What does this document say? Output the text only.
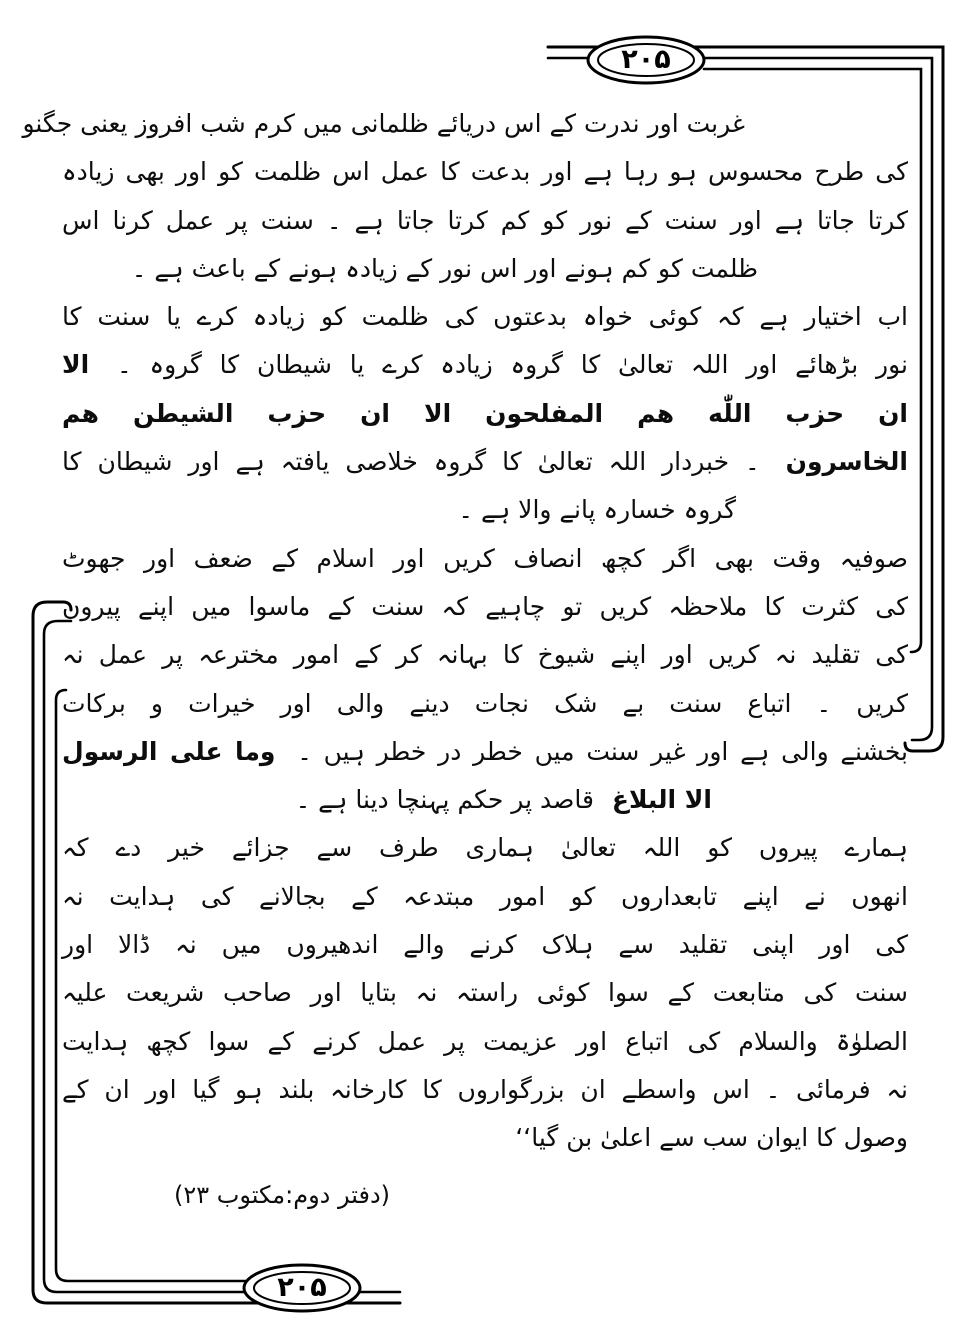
۲۰۵
۲۰۵
غربت اور ندرت کے اس دریائے ظلمانی میں کرم شب افروز یعنی جگنو
کی طرح محسوس ہو رہا ہے اور بدعت کا عمل اس ظلمت کو اور بھی زیادہ
کرتا جاتا ہے اور سنت کے نور کو کم کرتا جاتا ہے ۔ سنت پر عمل کرنا اس
ظلمت کو کم ہونے اور اس نور کے زیادہ ہونے کے باعث ہے ۔
اب اختیار ہے کہ کوئی خواہ بدعتوں کی ظلمت کو زیادہ کرے یا سنت کا
نور بڑھائے اور اللہ تعالیٰ کا گروہ زیادہ کرے یا شیطان کا گروہ ۔ الا
ان حزب اللّٰه هم المفلحون الا ان حزب الشيطن هم
الخاسرون ۔ خبردار اللہ تعالیٰ کا گروہ خلاصی یافتہ ہے اور شیطان کا
گروہ خسارہ پانے والا ہے ۔
صوفیہ وقت بھی اگر کچھ انصاف کریں اور اسلام کے ضعف اور جھوٹ
کی کثرت کا ملاحظہ کریں تو چاہیے کہ سنت کے ماسوا میں اپنے پیروں
کی تقلید نہ کریں اور اپنے شیوخ کا بہانہ کر کے امور مخترعہ پر عمل نہ
کریں ۔ اتباع سنت بے شک نجات دینے والی اور خیرات و برکات
بخشنے والی ہے اور غیر سنت میں خطر در خطر ہیں ۔ وما علی الرسول
الا البلاغ قاصد پر حکم پہنچا دینا ہے ۔
ہمارے پیروں کو اللہ تعالیٰ ہماری طرف سے جزائے خیر دے کہ
انھوں نے اپنے تابعداروں کو امور مبتدعہ کے بجالانے کی ہدایت نہ
کی اور اپنی تقلید سے ہلاک کرنے والے اندھیروں میں نہ ڈالا اور
سنت کی متابعت کے سوا کوئی راستہ نہ بتایا اور صاحب شریعت علیہ
الصلوٰۃ والسلام کی اتباع اور عزیمت پر عمل کرنے کے سوا کچھ ہدایت
نہ فرمائی ۔ اس واسطے ان بزرگواروں کا کارخانہ بلند ہو گیا اور ان کے
وصول کا ایوان سب سے اعلیٰ بن گیا‘‘
(دفتر دوم:مکتوب ۲۳)
